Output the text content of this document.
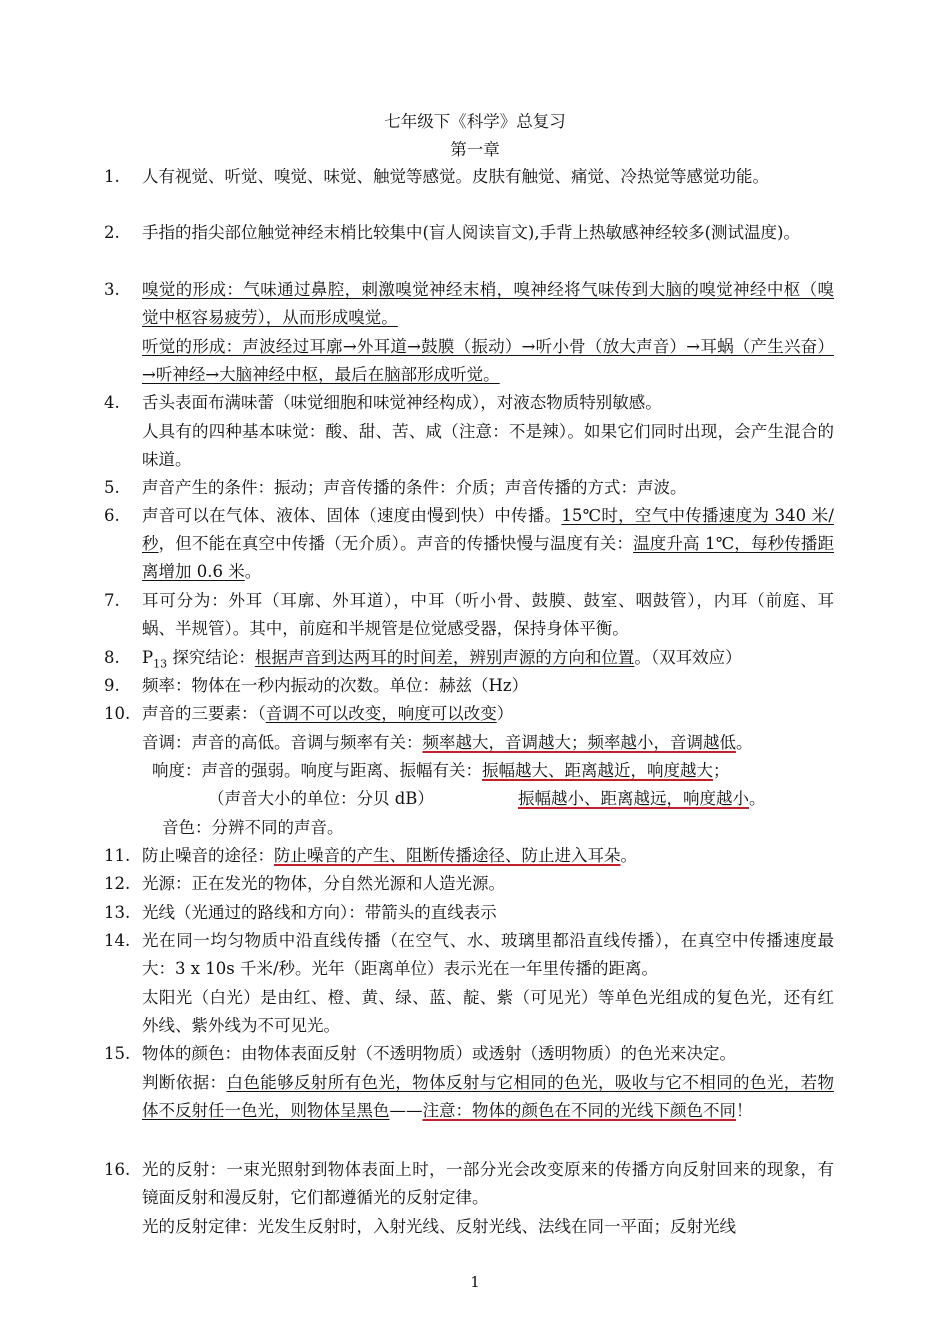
七年级下《科学》总复习
第一章
1. 人有视觉、听觉、嗅觉、味觉、触觉等感觉。皮肤有触觉、痛觉、冷热觉等感觉功能。
2. 手指的指尖部位触觉神经末梢比较集中(盲人阅读盲文),手背上热敏感神经较多(测试温度)。
3. 嗅觉的形成：气味通过鼻腔，刺激嗅觉神经末梢，嗅神经将气味传到大脑的嗅觉神经中枢（嗅觉中枢容易疲劳），从而形成嗅觉。
听觉的形成：声波经过耳廓→外耳道→鼓膜（振动）→听小骨（放大声音）→耳蜗（产生兴奋）→听神经→大脑神经中枢，最后在脑部形成听觉。
4. 舌头表面布满味蕾（味觉细胞和味觉神经构成），对液态物质特别敏感。
人具有的四种基本味觉：酸、甜、苦、咸（注意：不是辣）。如果它们同时出现，会产生混合的味道。
5. 声音产生的条件：振动；声音传播的条件：介质；声音传播的方式：声波。
6. 声音可以在气体、液体、固体（速度由慢到快）中传播。15℃时，空气中传播速度为 340 米/秒，但不能在真空中传播（无介质）。声音的传播快慢与温度有关：温度升高 1℃，每秒传播距离增加 0.6 米。
7. 耳可分为：外耳（耳廓、外耳道），中耳（听小骨、鼓膜、鼓室、咽鼓管），内耳（前庭、耳蜗、半规管）。其中，前庭和半规管是位觉感受器，保持身体平衡。
8. $P_{13}$ 探究结论：根据声音到达两耳的时间差，辨别声源的方向和位置。（双耳效应）
9. 频率：物体在一秒内振动的次数。单位：赫兹（Hz）
10. 声音的三要素：（音调不可以改变，响度可以改变）
音调：声音的高低。音调与频率有关：频率越大，音调越大；频率越小，音调越低。
响度：声音的强弱。响度与距离、振幅有关：振幅越大、距离越近，响度越大；
（声音大小的单位：分贝 dB）	振幅越小、距离越远，响度越小。
音色：分辨不同的声音。
11. 防止噪音的途径：防止噪音的产生、阻断传播途径、防止进入耳朵。
12. 光源：正在发光的物体，分自然光源和人造光源。
13. 光线（光通过的路线和方向）：带箭头的直线表示
14. 光在同一均匀物质中沿直线传播（在空气、水、玻璃里都沿直线传播），在真空中传播速度最大：3 x 10s 千米/秒。光年（距离单位）表示光在一年里传播的距离。
太阳光（白光）是由红、橙、黄、绿、蓝、靛、紫（可见光）等单色光组成的复色光，还有红外线、紫外线为不可见光。
15. 物体的颜色：由物体表面反射（不透明物质）或透射（透明物质）的色光来决定。
判断依据：白色能够反射所有色光，物体反射与它相同的色光，吸收与它不相同的色光，若物体不反射任一色光，则物体呈黑色——注意：物体的颜色在不同的光线下颜色不同！
16. 光的反射：一束光照射到物体表面上时，一部分光会改变原来的传播方向反射回来的现象，有镜面反射和漫反射，它们都遵循光的反射定律。
光的反射定律：光发生反射时，入射光线、反射光线、法线在同一平面；反射光线
1
